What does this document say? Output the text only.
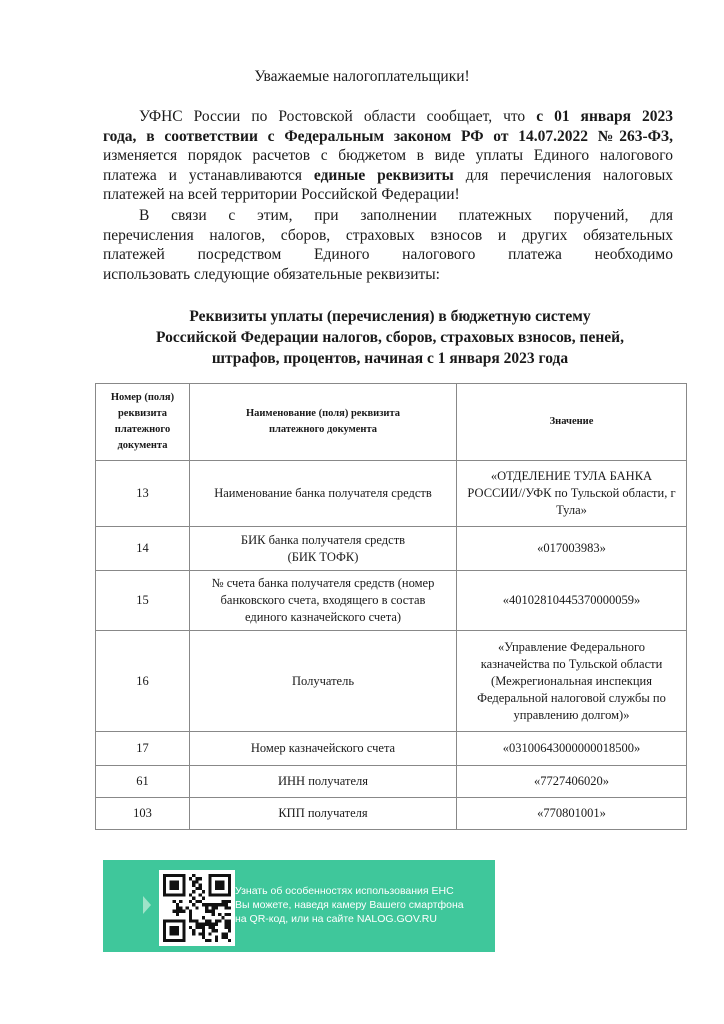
Уважаемые налогоплательщики!

УФНС России по Ростовской области сообщает, что с 01 января 2023
года, в соответствии с Федеральным законом РФ от 14.07.2022 №263-ФЗ,
изменяется порядок расчетов с бюджетом в виде уплаты Единого налогового
платежа и устанавливаются единые реквизиты для перечисления налоговых
платежей на всей территории Российской Федерации!

В связи с этим, при заполнении платежных поручений, для
перечисления налогов, сборов, страховых взносов и других обязательных
платежей посредством Единого налогового платежа необходимо
использовать следующие обязательные реквизиты:

Реквизиты уплаты (перечисления) в бюджетную систему
Российской Федерации налогов, сборов, страховых взносов, пеней,
штрафов, процентов, начиная с 1 января 2023 года
Номер (поля) реквизита платежного документа	Наименование (поля) реквизита платежного документа	Значение
13	Наименование банка получателя средств	«ОТДЕЛЕНИЕ ТУЛА БАНКА РОССИИ//УФК по Тульской области, г Тула»
14	БИК банка получателя средств (БИК ТОФК)	«017003983»
15	№ счета банка получателя средств (номер банковского счета, входящего в состав единого казначейского счета)	«40102810445370000059»
16	Получатель	«Управление Федерального казначейства по Тульской области (Межрегиональная инспекция Федеральной налоговой службы по управлению долгом)»
17	Номер казначейского счета	«03100643000000018500»
61	ИНН получателя	«7727406020»
103	КПП получателя	«770801001»
Узнать об особенностях использования ЕНС
Вы можете, наведя камеру Вашего смартфона
на QR-код, или на сайте NALOG.GOV.RU
